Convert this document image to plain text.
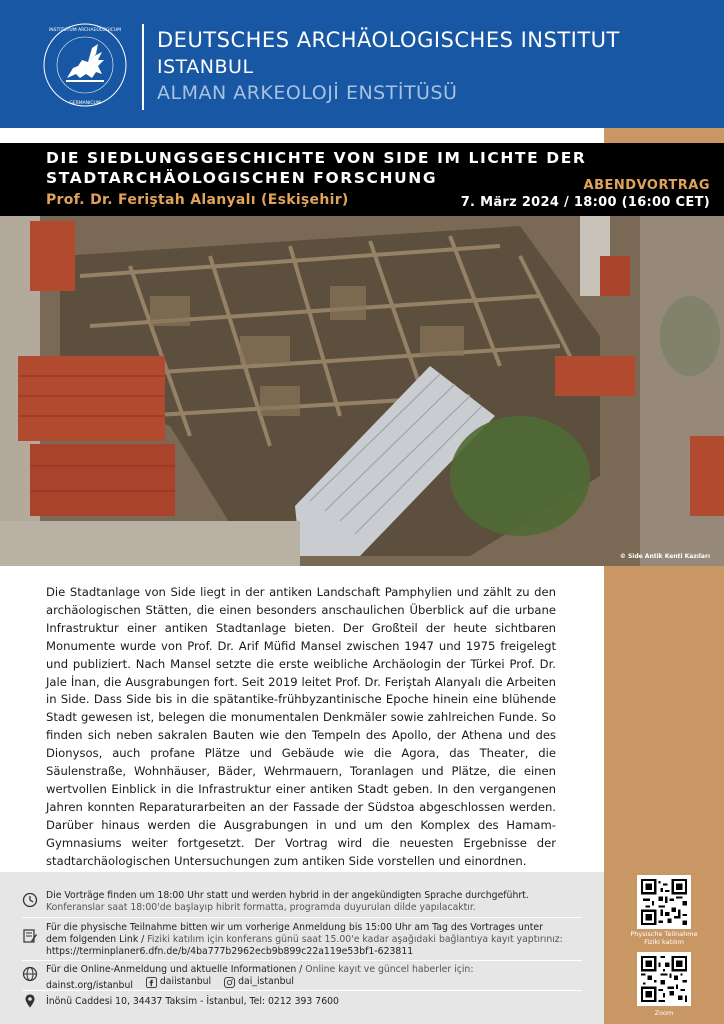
INSTITUTUM ARCHAEOLOGICUM
GERMANICUM
DEUTSCHES ARCHÄOLOGISCHES INSTITUT
ISTANBUL
ALMAN ARKEOLOJİ ENSTİTÜSÜ
DIE SIEDLUNGSGESCHICHTE VON SIDE IM LICHTE DER STADTARCHÄOLOGISCHEN FORSCHUNG
Prof. Dr. Feriştah Alanyalı (Eskişehir)
ABENDVORTRAG
7. März 2024 / 18:00 (16:00 CET)
© Side Antik Kenti Kazıları
Die Stadtanlage von Side liegt in der antiken Landschaft Pamphylien und zählt zu den archäologischen Stätten, die einen besonders anschaulichen Überblick auf die urbane Infrastruktur einer antiken Stadtanlage bieten. Der Großteil der heute sichtbaren Monumente wurde von Prof. Dr. Arif Müfid Mansel zwischen 1947 und 1975 freigelegt und publiziert. Nach Mansel setzte die erste weibliche Archäologin der Türkei Prof. Dr. Jale İnan, die Ausgrabungen fort. Seit 2019 leitet Prof. Dr. Feriştah Alanyalı die Arbeiten in Side. Dass Side bis in die spätantike-frühbyzantinische Epoche hinein eine blühende Stadt gewesen ist, belegen die monumentalen Denkmäler sowie zahlreichen Funde. So finden sich neben sakralen Bauten wie den Tempeln des Apollo, der Athena und des Dionysos, auch profane Plätze und Gebäude wie die Agora, das Theater, die Säulenstraße, Wohnhäuser, Bäder, Wehrmauern, Toranlagen und Plätze, die einen wertvollen Einblick in die Infrastruktur einer antiken Stadt geben. In den vergangenen Jahren konnten Reparaturarbeiten an der Fassade der Südstoa abgeschlossen werden. Darüber hinaus werden die Ausgrabungen in und um den Komplex des Hamam-Gymnasiums weiter fortgesetzt. Der Vortrag wird die neuesten Ergebnisse der stadtarchäologischen Untersuchungen zum antiken Side vorstellen und einordnen.
Die Vorträge finden um 18:00 Uhr statt und werden hybrid in der angekündigten Sprache durchgeführt.
Konferanslar saat 18:00'de başlayıp hibrit formatta, programda duyurulan dilde yapılacaktır.
Für die physische Teilnahme bitten wir um vorherige Anmeldung bis 15:00 Uhr am Tag des Vortrages unter dem folgenden Link / Fiziki katılım için konferans günü saat 15.00'e kadar aşağıdaki bağlantıya kayıt yaptırınız:
https://terminplaner6.dfn.de/b/4ba777b2962ecb9b899c22a119e53bf1-623811
Für die Online-Anmeldung und aktuelle Informationen / Online kayıt ve güncel haberler için:
dainst.org/istanbul
	daiistanbul
	dai_istanbul
İnönü Caddesi 10, 34437 Taksim - İstanbul, Tel: 0212 393 7600
Physische Teilnahme
Fiziki katılım
Zoom
